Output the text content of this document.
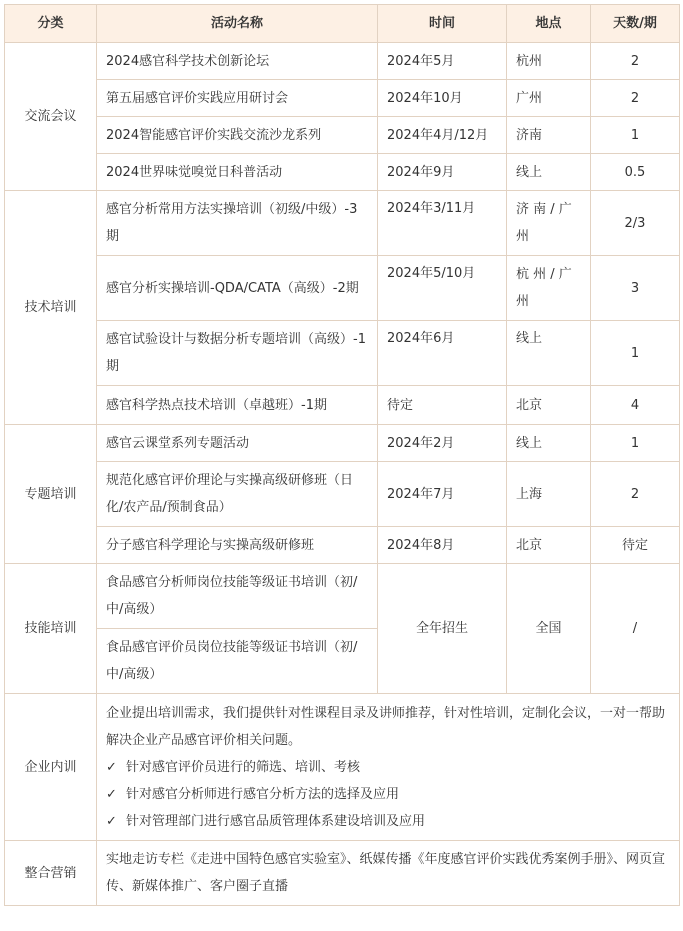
分类	活动名称	时间	地点	天数/期
交流会议	2024感官科学技术创新论坛	2024年5月	杭州	2
	第五届感官评价实践应用研讨会	2024年10月	广州	2
	2024智能感官评价实践交流沙龙系列	2024年4月/12月	济南	1
	2024世界味觉嗅觉日科普活动	2024年9月	线上	0.5
技术培训	感官分析常用方法实操培训（初级/中级）-3期	2024年3/11月	济 南 / 广州	2/3
	感官分析实操培训-QDA/CATA（高级）-2期	2024年5/10月	杭 州 / 广州	3
	感官试验设计与数据分析专题培训（高级）-1期	2024年6月	线上	1
	感官科学热点技术培训（卓越班）-1期	待定	北京	4
专题培训	感官云课堂系列专题活动	2024年2月	线上	1
	规范化感官评价理论与实操高级研修班（日化/农产品/预制食品）	2024年7月	上海	2
	分子感官科学理论与实操高级研修班	2024年8月	北京	待定
技能培训	食品感官分析师岗位技能等级证书培训（初/中/高级）	全年招生	全国	/
	食品感官评价员岗位技能等级证书培训（初/中/高级）			
企业内训	企业提出培训需求，我们提供针对性课程目录及讲师推荐，针对性培训，定制化会议，一对一帮助解决企业产品感官评价相关问题。
✓ 针对感官评价员进行的筛选、培训、考核
✓ 针对感官分析师进行感官分析方法的选择及应用
✓ 针对管理部门进行感官品质管理体系建设培训及应用			

整合营销	实地走访专栏《走进中国特色感官实验室》、纸媒传播《年度感官评价实践优秀案例手册》、网页宣传、新媒体推广、客户圈子直播			
